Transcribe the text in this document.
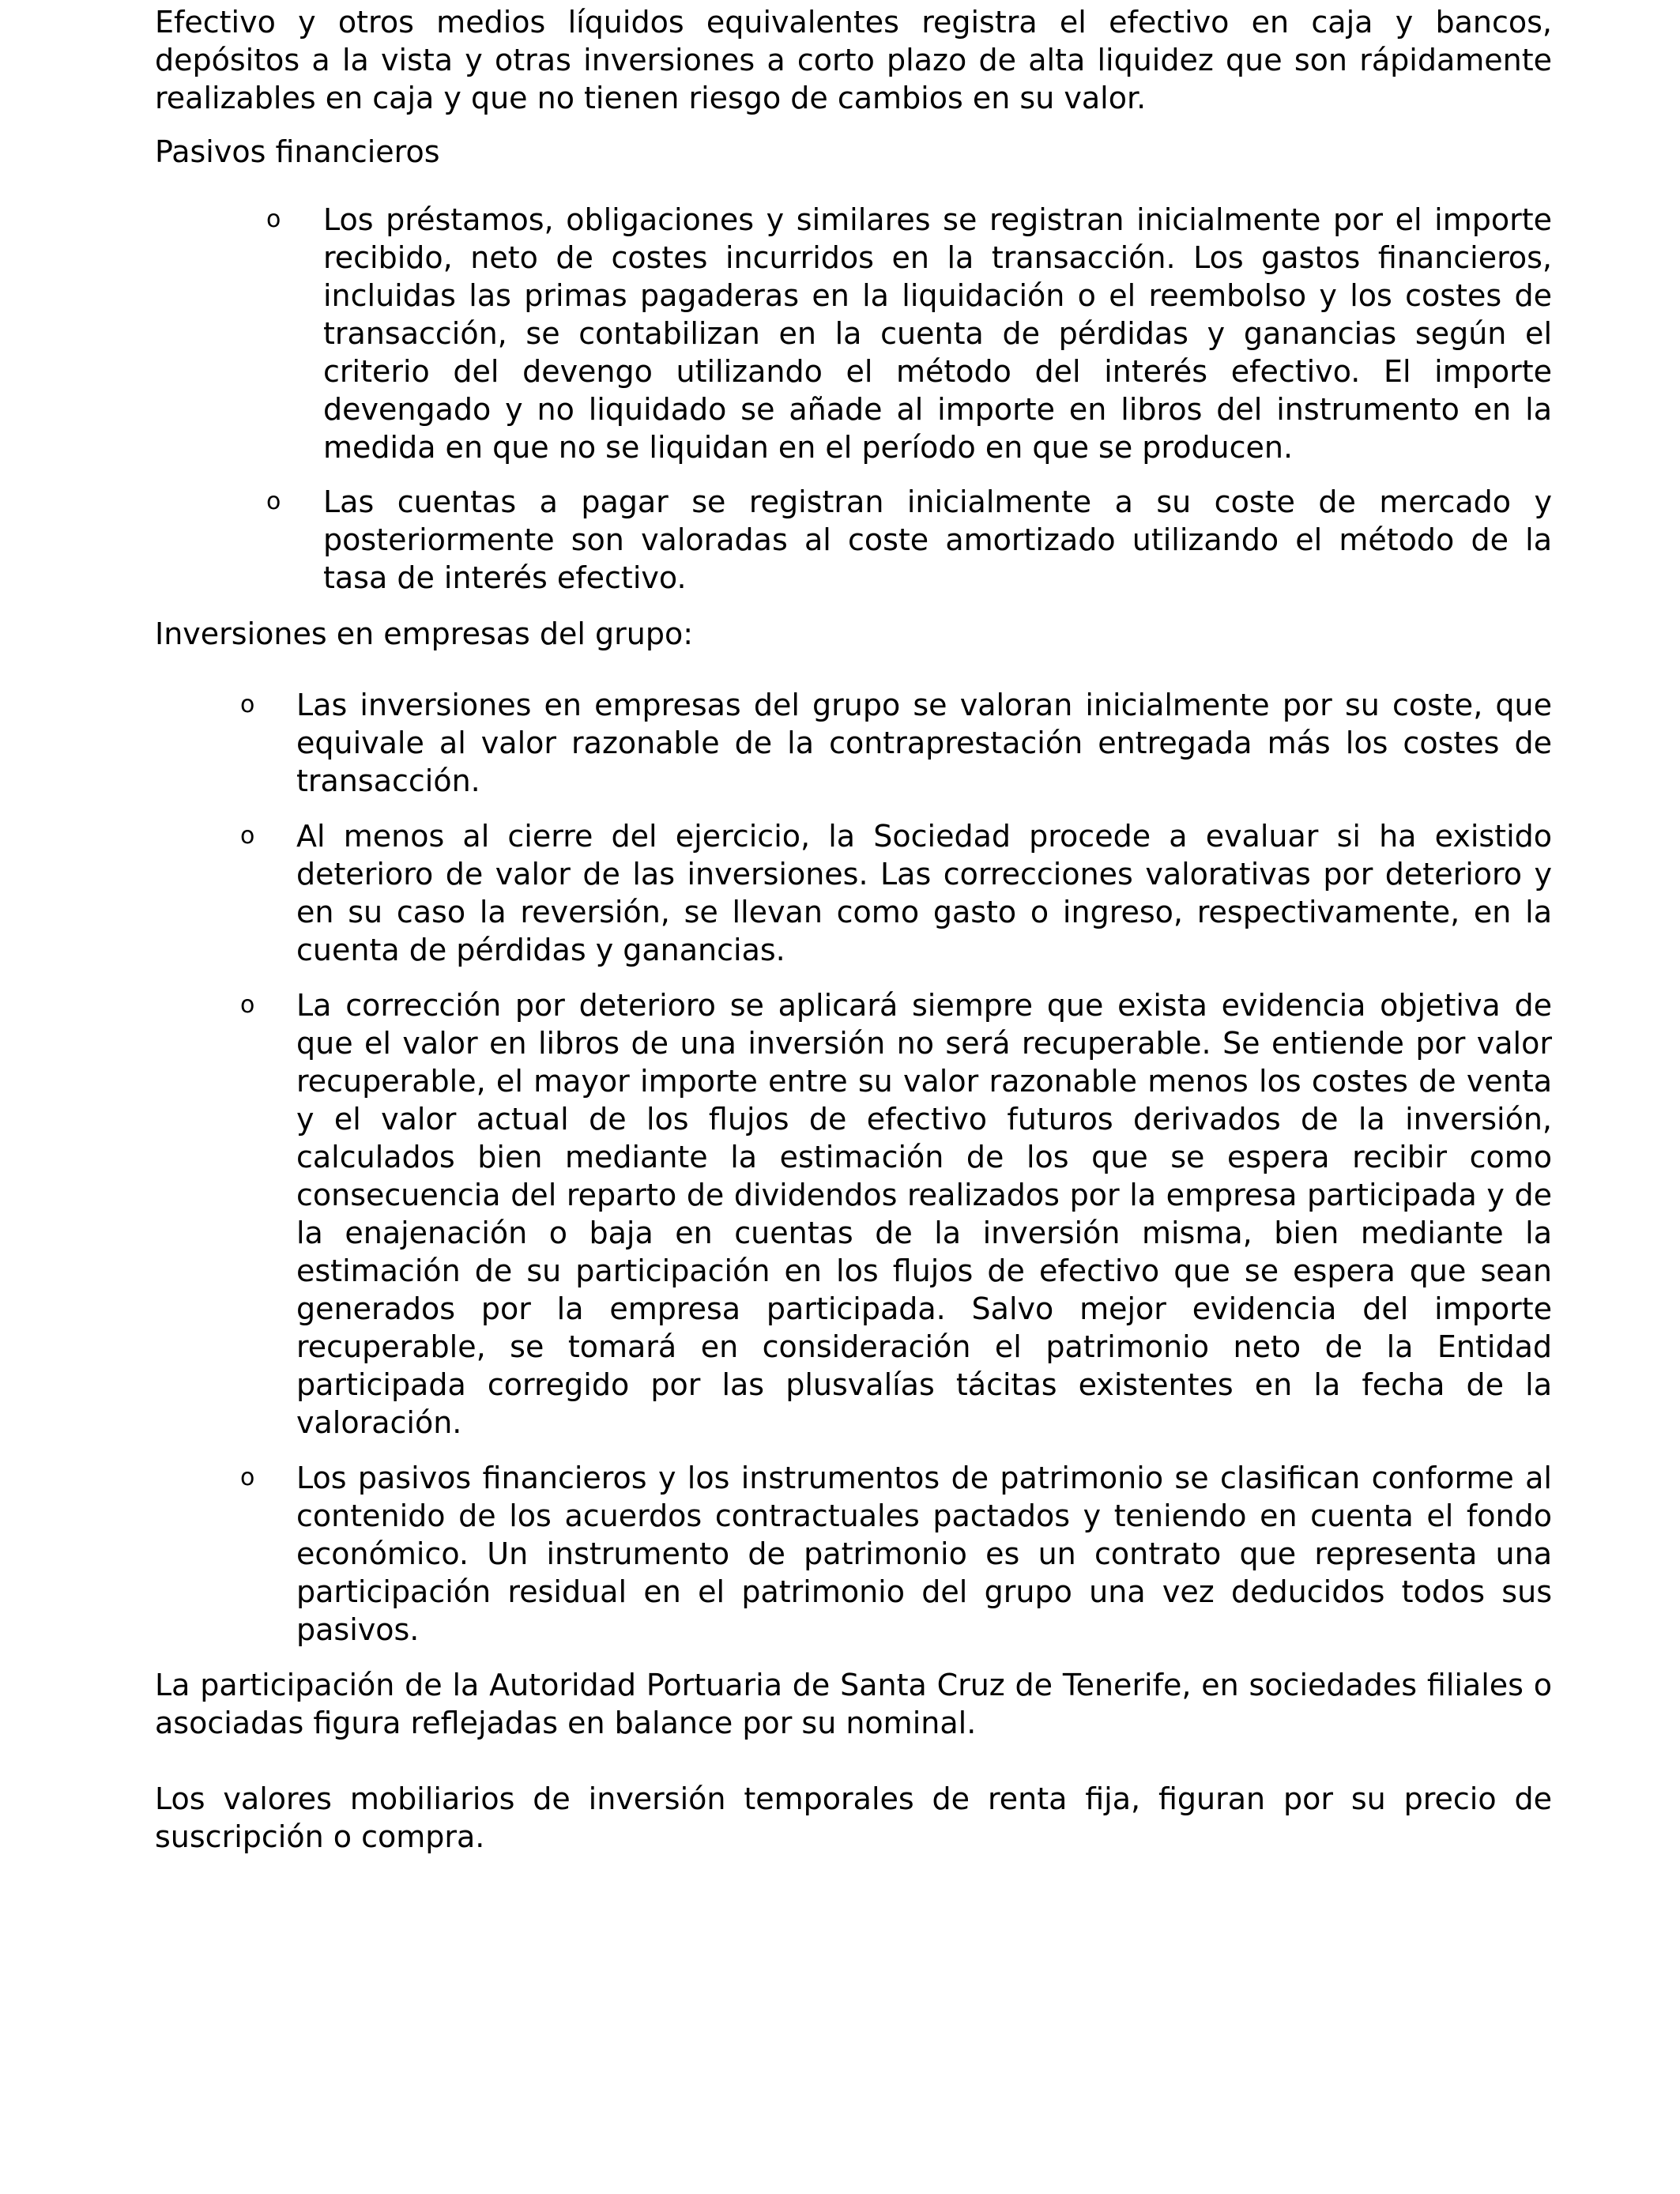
Efectivo y otros medios líquidos equivalentes registra el efectivo en caja y bancos, depósitos a la vista y otras inversiones a corto plazo de alta liquidez que son rápidamente realizables en caja y que no tienen riesgo de cambios en su valor.

Pasivos financieros

o Los préstamos, obligaciones y similares se registran inicialmente por el importe recibido, neto de costes incurridos en la transacción. Los gastos financieros, incluidas las primas pagaderas en la liquidación o el reembolso y los costes de transacción, se contabilizan en la cuenta de pérdidas y ganancias según el criterio del devengo utilizando el método del interés efectivo. El importe devengado y no liquidado se añade al importe en libros del instrumento en la medida en que no se liquidan en el período en que se producen.
o Las cuentas a pagar se registran inicialmente a su coste de mercado y posteriormente son valoradas al coste amortizado utilizando el método de la tasa de interés efectivo.

Inversiones en empresas del grupo:

o Las inversiones en empresas del grupo se valoran inicialmente por su coste, que equivale al valor razonable de la contraprestación entregada más los costes de transacción.
o Al menos al cierre del ejercicio, la Sociedad procede a evaluar si ha existido deterioro de valor de las inversiones. Las correcciones valorativas por deterioro y en su caso la reversión, se llevan como gasto o ingreso, respectivamente, en la cuenta de pérdidas y ganancias.
o La corrección por deterioro se aplicará siempre que exista evidencia objetiva de que el valor en libros de una inversión no será recuperable. Se entiende por valor recuperable, el mayor importe entre su valor razonable menos los costes de venta y el valor actual de los flujos de efectivo futuros derivados de la inversión, calculados bien mediante la estimación de los que se espera recibir como consecuencia del reparto de dividendos realizados por la empresa participada y de la enajenación o baja en cuentas de la inversión misma, bien mediante la estimación de su participación en los flujos de efectivo que se espera que sean generados por la empresa participada. Salvo mejor evidencia del importe recuperable, se tomará en consideración el patrimonio neto de la Entidad participada corregido por las plusvalías tácitas existentes en la fecha de la valoración.
o Los pasivos financieros y los instrumentos de patrimonio se clasifican conforme al contenido de los acuerdos contractuales pactados y teniendo en cuenta el fondo económico. Un instrumento de patrimonio es un contrato que representa una participación residual en el patrimonio del grupo una vez deducidos todos sus pasivos.

La participación de la Autoridad Portuaria de Santa Cruz de Tenerife, en sociedades filiales o asociadas figura reflejadas en balance por su nominal.

Los valores mobiliarios de inversión temporales de renta fija, figuran por su precio de suscripción o compra.
